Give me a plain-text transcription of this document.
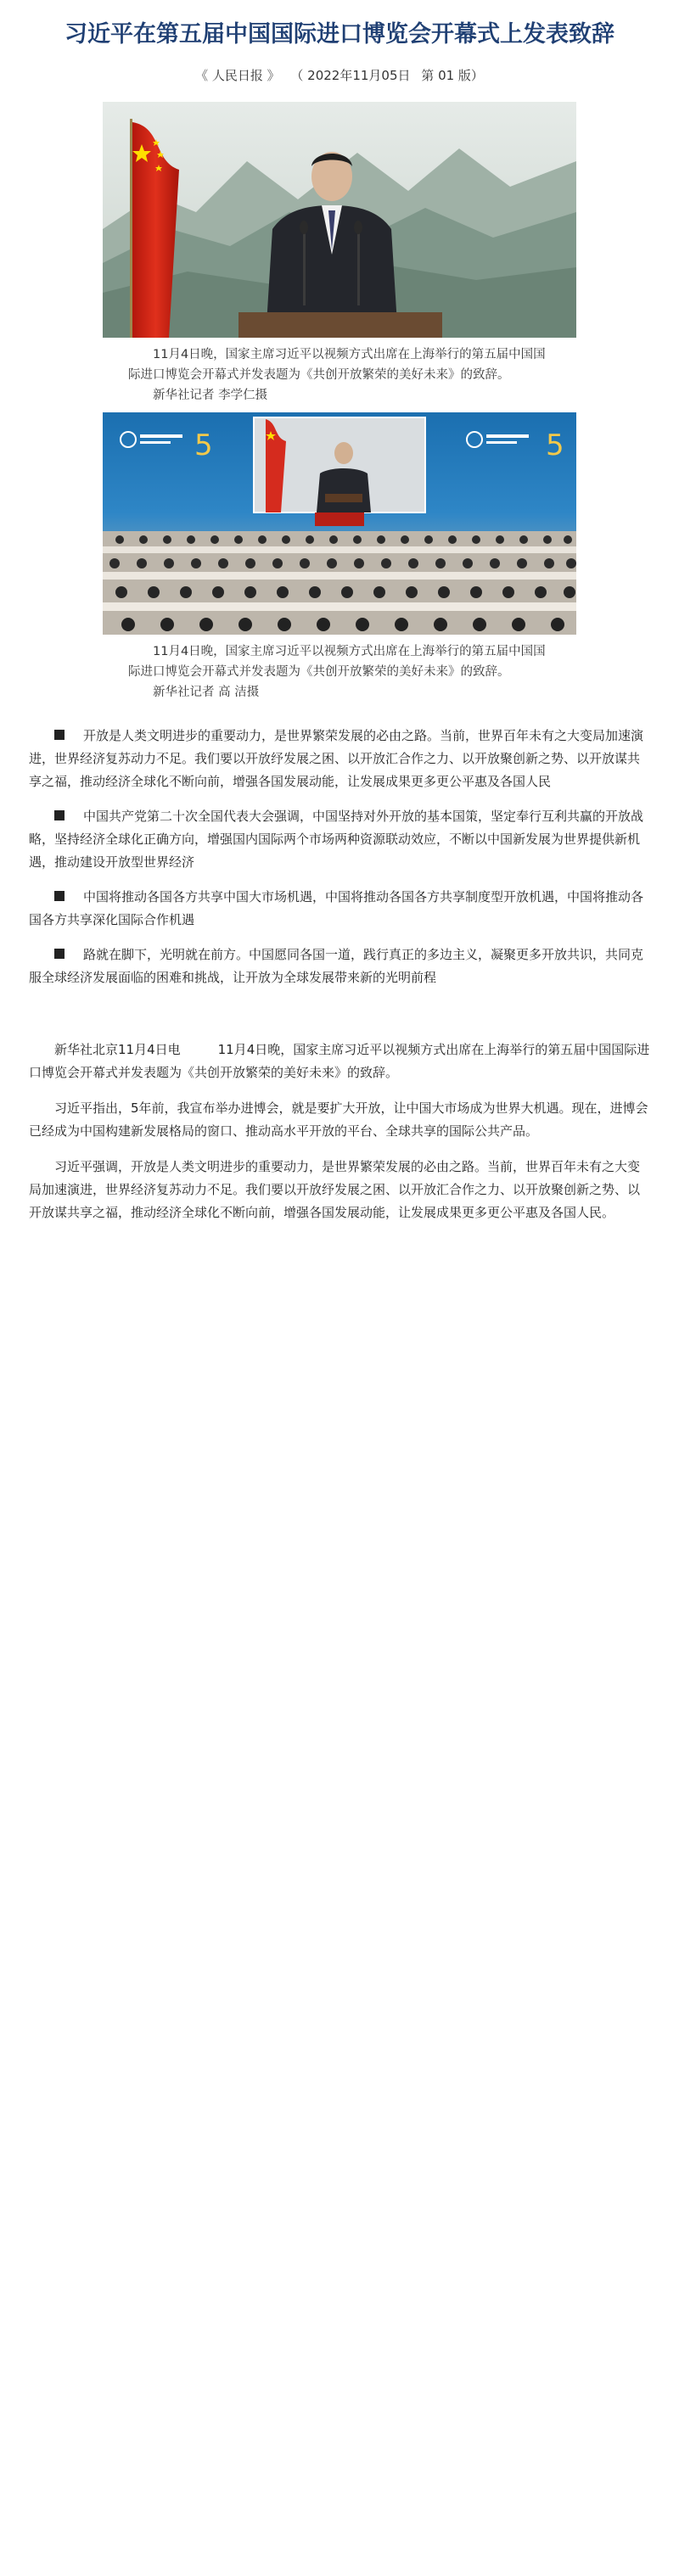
习近平在第五届中国国际进口博览会开幕式上发表致辞
《 人民日报 》 （ 2022年11月05日 第 01 版）

11月4日晚，国家主席习近平以视频方式出席在上海举行的第五届中国国际进口博览会开幕式并发表题为《共创开放繁荣的美好未来》的致辞。

新华社记者 李学仁摄

5	5

11月4日晚，国家主席习近平以视频方式出席在上海举行的第五届中国国际进口博览会开幕式并发表题为《共创开放繁荣的美好未来》的致辞。

新华社记者 高 洁摄

开放是人类文明进步的重要动力，是世界繁荣发展的必由之路。当前，世界百年未有之大变局加速演进，世界经济复苏动力不足。我们要以开放纾发展之困、以开放汇合作之力、以开放聚创新之势、以开放谋共享之福，推动经济全球化不断向前，增强各国发展动能，让发展成果更多更公平惠及各国人民

中国共产党第二十次全国代表大会强调，中国坚持对外开放的基本国策，坚定奉行互利共赢的开放战略，坚持经济全球化正确方向，增强国内国际两个市场两种资源联动效应，不断以中国新发展为世界提供新机遇，推动建设开放型世界经济

中国将推动各国各方共享中国大市场机遇，中国将推动各国各方共享制度型开放机遇，中国将推动各国各方共享深化国际合作机遇

路就在脚下，光明就在前方。中国愿同各国一道，践行真正的多边主义，凝聚更多开放共识，共同克服全球经济发展面临的困难和挑战，让开放为全球发展带来新的光明前程

新华社北京11月4日电	11月4日晚，国家主席习近平以视频方式出席在上海举行的第五届中国国际进口博览会开幕式并发表题为《共创开放繁荣的美好未来》的致辞。

习近平指出，5年前，我宣布举办进博会，就是要扩大开放，让中国大市场成为世界大机遇。现在，进博会已经成为中国构建新发展格局的窗口、推动高水平开放的平台、全球共享的国际公共产品。

习近平强调，开放是人类文明进步的重要动力，是世界繁荣发展的必由之路。当前，世界百年未有之大变局加速演进，世界经济复苏动力不足。我们要以开放纾发展之困、以开放汇合作之力、以开放聚创新之势、以开放谋共享之福，推动经济全球化不断向前，增强各国发展动能，让发展成果更多更公平惠及各国人民。
